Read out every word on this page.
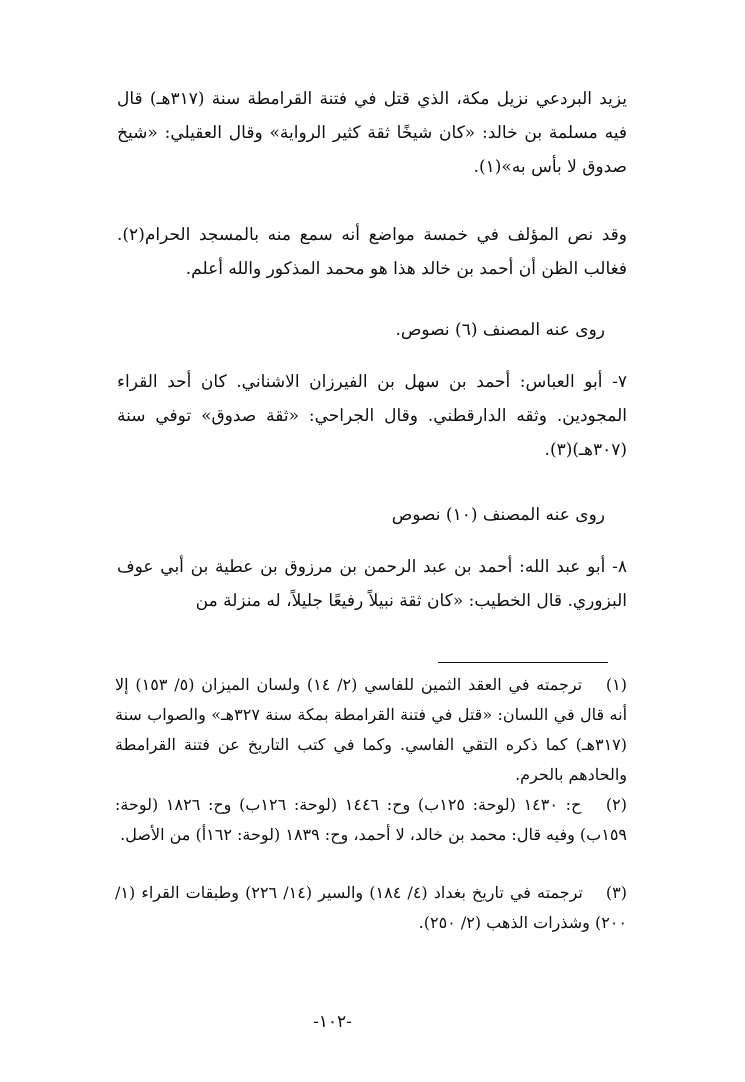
يزيد البردعي نزيل مكة، الذي قتل في فتنة القرامطة سنة (٣١٧هـ) قال فيه مسلمة بن خالد: «كان شيخًا ثقة كثير الرواية» وقال العقيلي: «شيخ صدوق لا بأس به»(١).
وقد نص المؤلف في خمسة مواضع أنه سمع منه بالمسجد الحرام(٢). فغالب الظن أن أحمد بن خالد هذا هو محمد المذكور والله أعلم.
روى عنه المصنف (٦) نصوص.
٧- أبو العباس: أحمد بن سهل بن الفيرزان الاشناني. كان أحد القراء المجودين. وثقه الدارقطني. وقال الجراحي: «ثقة صدوق» توفي سنة (٣٠٧هـ)(٣).
روى عنه المصنف (١٠) نصوص
٨- أبو عبد الله: أحمد بن عبد الرحمن بن مرزوق بن عطية بن أبي عوف البزوري. قال الخطيب: «كان ثقة نبيلاً رفيعًا جليلاً، له منزلة من
(١) ترجمته في العقد الثمين للفاسي (٢/ ١٤) ولسان الميزان (٥/ ١٥٣) إلا أنه قال في اللسان: «قتل في فتنة القرامطة بمكة سنة ٣٢٧هـ» والصواب سنة (٣١٧هـ) كما ذكره التقي الفاسي. وكما في كتب التاريخ عن فتنة القرامطة والحادهم بالحرم.
(٢) ح: ١٤٣٠ (لوحة: ١٢٥ب) وح: ١٤٤٦ (لوحة: ١٢٦ب) وح: ١٨٢٦ (لوحة: ١٥٩ب) وفيه قال: محمد بن خالد، لا أحمد، وح: ١٨٣٩ (لوحة: ١٦٢أ) من الأصل.
(٣) ترجمته في تاريخ بغداد (٤/ ١٨٤) والسير (١٤/ ٢٢٦) وطبقات القراء (١/ ٢٠٠) وشذرات الذهب (٢/ ٢٥٠).
-١٠٢-
